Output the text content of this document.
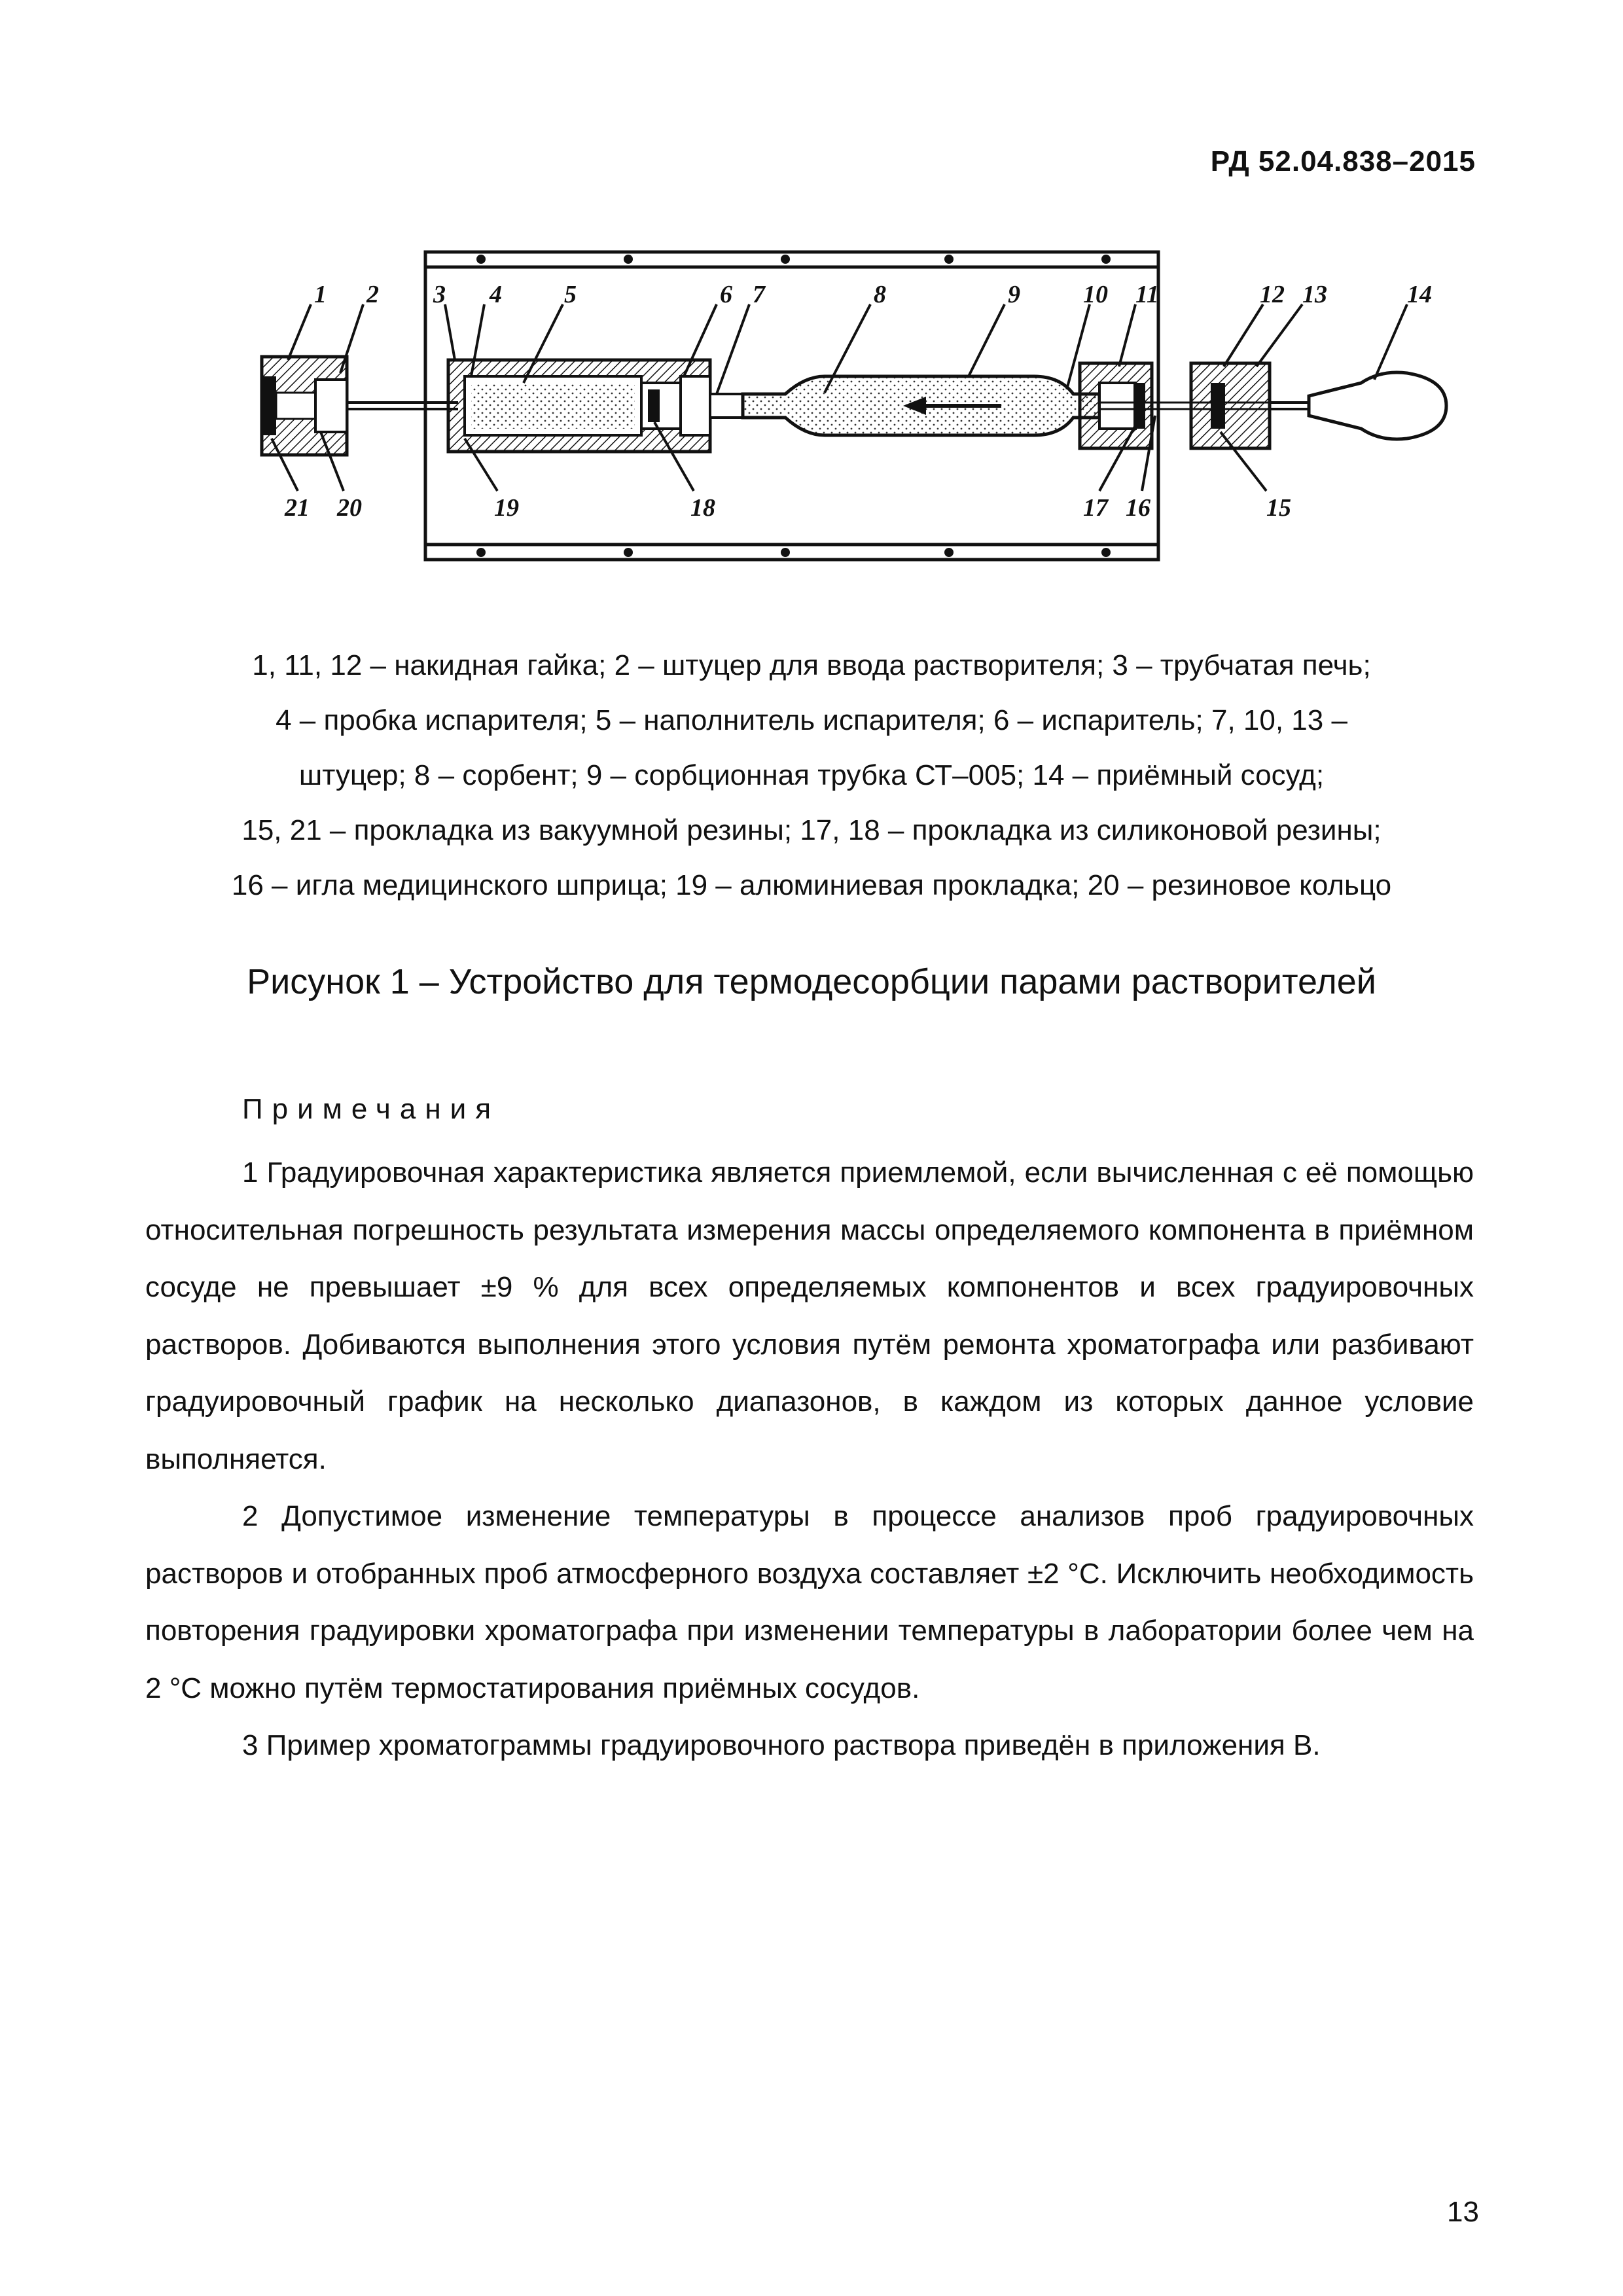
РД 52.04.838–2015
1 2 3 4	5	6 7	8	9	10 11	12 13	14
21 20	19	18	17 16	15
1, 11, 12 – накидная гайка; 2 – штуцер для ввода растворителя; 3 – трубчатая печь;
4 – пробка испарителя; 5 – наполнитель испарителя; 6 – испаритель; 7, 10, 13 –
штуцер; 8 – сорбент; 9 – сорбционная трубка СТ–005; 14 – приёмный сосуд;
15, 21 – прокладка из вакуумной резины; 17, 18 – прокладка из силиконовой резины;
16 – игла медицинского шприца; 19 – алюминиевая прокладка; 20 – резиновое кольцо
Рисунок 1 – Устройство для термодесорбции парами растворителей
Примечания

1 Градуировочная характеристика является приемлемой, если вычисленная с её помощью относительная погрешность результата измерения массы определяемого компонента в приёмном сосуде не превышает ±9 % для всех определяемых компонентов и всех градуировочных растворов. Добиваются выполнения этого условия путём ремонта хроматографа или разбивают градуировочный график на несколько диапазонов, в каждом из которых данное условие выполняется.

2 Допустимое изменение температуры в процессе анализов проб градуировочных растворов и отобранных проб атмосферного воздуха составляет ±2 °С. Исключить необходимость повторения градуировки хроматографа при изменении температуры в лаборатории более чем на 2 °С можно путём термостатирования приёмных сосудов.

3 Пример хроматограммы градуировочного раствора приведён в приложения В.

13
